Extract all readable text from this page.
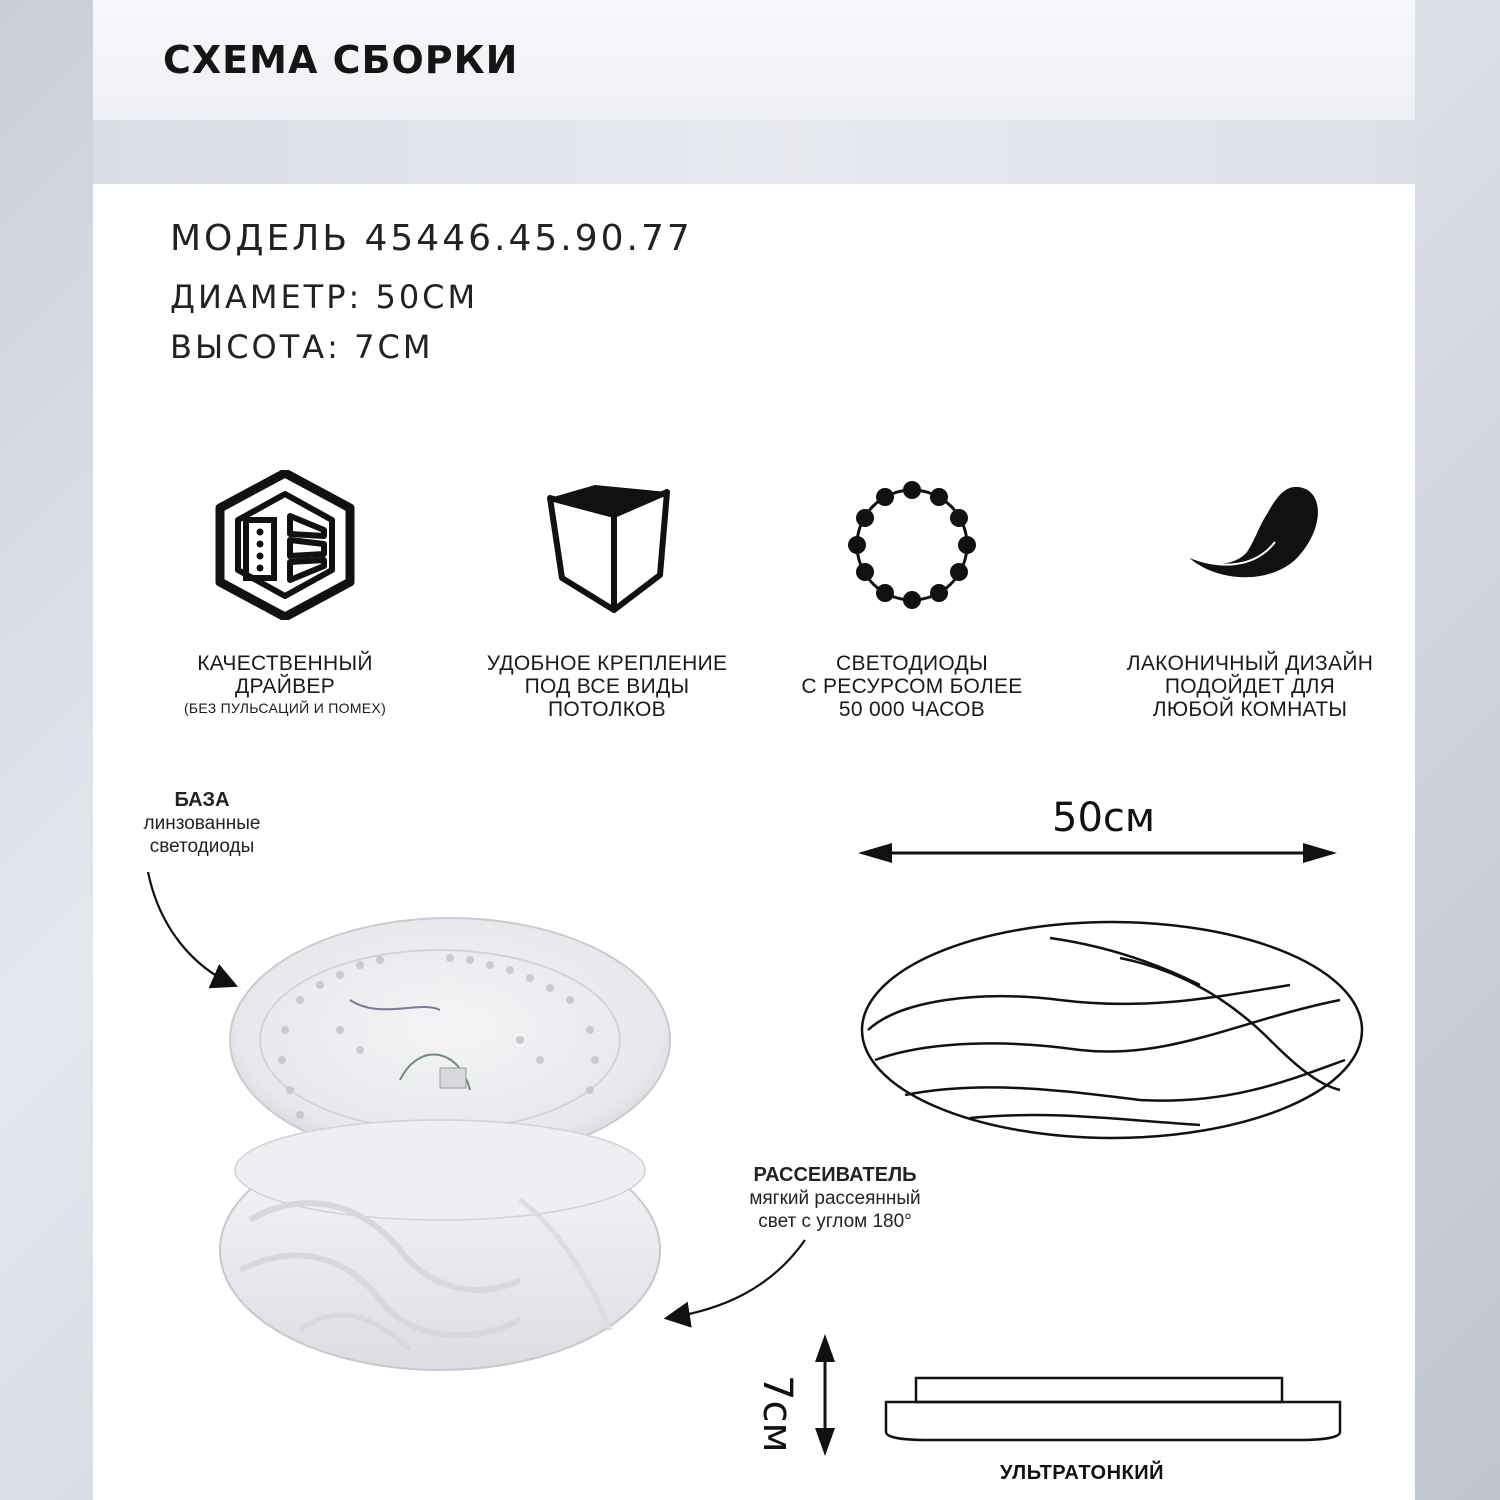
СХЕМА СБОРКИ
МОДЕЛЬ 45446.45.90.77
ДИАМЕТР: 50СМ
ВЫСОТА: 7СМ
КАЧЕСТВЕННЫЙ
ДРАЙВЕР
(БЕЗ ПУЛЬСАЦИЙ И ПОМЕХ)
УДОБНОЕ КРЕПЛЕНИЕ
ПОД ВСЕ ВИДЫ
ПОТОЛКОВ
СВЕТОДИОДЫ
С РЕСУРСОМ БОЛЕЕ
50 000 ЧАСОВ
ЛАКОНИЧНЫЙ ДИЗАЙН
ПОДОЙДЕТ ДЛЯ
ЛЮБОЙ КОМНАТЫ
БАЗА
линзованные
светодиоды
РАССЕИВАТЕЛЬ
мягкий рассеянный
свет с углом 180°
50см
7см
УЛЬТРАТОНКИЙ
